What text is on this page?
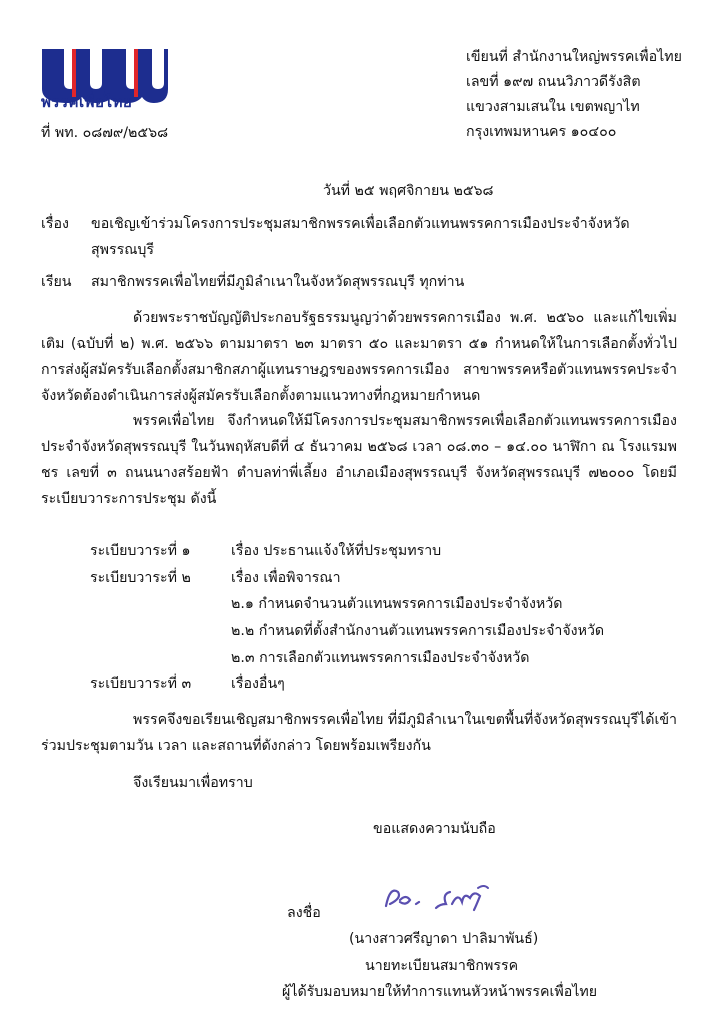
พรรคเพื่อไทย
ที่ พท. ๐๘๗๙/๒๕๖๘
เขียนที่ สำนักงานใหญ่พรรคเพื่อไทย
เลขที่ ๑๙๗ ถนนวิภาวดีรังสิต
แขวงสามเสนใน เขตพญาไท
กรุงเทพมหานคร ๑๐๔๐๐
วันที่ ๒๕ พฤศจิกายน ๒๕๖๘
เรื่อง ขอเชิญเข้าร่วมโครงการประชุมสมาชิกพรรคเพื่อเลือกตัวแทนพรรคการเมืองประจำจังหวัด
สุพรรณบุรี
เรียน สมาชิกพรรคเพื่อไทยที่มีภูมิลำเนาในจังหวัดสุพรรณบุรี ทุกท่าน
ด้วยพระราชบัญญัติประกอบรัฐธรรมนูญว่าด้วยพรรคการเมือง พ.ศ. ๒๕๖๐ และแก้ไขเพิ่มเติม (ฉบับที่ ๒) พ.ศ. ๒๕๖๖ ตามมาตรา ๒๓ มาตรา ๕๐ และมาตรา ๕๑ กำหนดให้ในการเลือกตั้งทั่วไป การส่งผู้สมัครรับเลือกตั้งสมาชิกสภาผู้แทนราษฎรของพรรคการเมือง สาขาพรรคหรือตัวแทนพรรคประจำจังหวัดต้องดำเนินการส่งผู้สมัครรับเลือกตั้งตามแนวทางที่กฎหมายกำหนด
พรรคเพื่อไทย จึงกำหนดให้มีโครงการประชุมสมาชิกพรรคเพื่อเลือกตัวแทนพรรคการเมืองประจำจังหวัดสุพรรณบุรี ในวันพฤหัสบดีที่ ๔ ธันวาคม ๒๕๖๘ เวลา ๐๘.๓๐ – ๑๔.๐๐ นาฬิกา ณ โรงแรมพชร เลขที่ ๓ ถนนนางสร้อยฟ้า ตำบลท่าพี่เลี้ยง อำเภอเมืองสุพรรณบุรี จังหวัดสุพรรณบุรี ๗๒๐๐๐ โดยมีระเบียบวาระการประชุม ดังนี้
ระเบียบวาระที่ ๑	เรื่อง ประธานแจ้งให้ที่ประชุมทราบ
ระเบียบวาระที่ ๒	เรื่อง เพื่อพิจารณา
๒.๑ กำหนดจำนวนตัวแทนพรรคการเมืองประจำจังหวัด
๒.๒ กำหนดที่ตั้งสำนักงานตัวแทนพรรคการเมืองประจำจังหวัด
๒.๓ การเลือกตัวแทนพรรคการเมืองประจำจังหวัด
ระเบียบวาระที่ ๓	เรื่องอื่นๆ
พรรคจึงขอเรียนเชิญสมาชิกพรรคเพื่อไทย ที่มีภูมิลำเนาในเขตพื้นที่จังหวัดสุพรรณบุรีได้เข้าร่วมประชุมตามวัน เวลา และสถานที่ดังกล่าว โดยพร้อมเพรียงกัน
จึงเรียนมาเพื่อทราบ
ขอแสดงความนับถือ
ลงชื่อ
(นางสาวศรีญาดา ปาลิมาพันธ์)
นายทะเบียนสมาชิกพรรค
ผู้ได้รับมอบหมายให้ทำการแทนหัวหน้าพรรคเพื่อไทย
